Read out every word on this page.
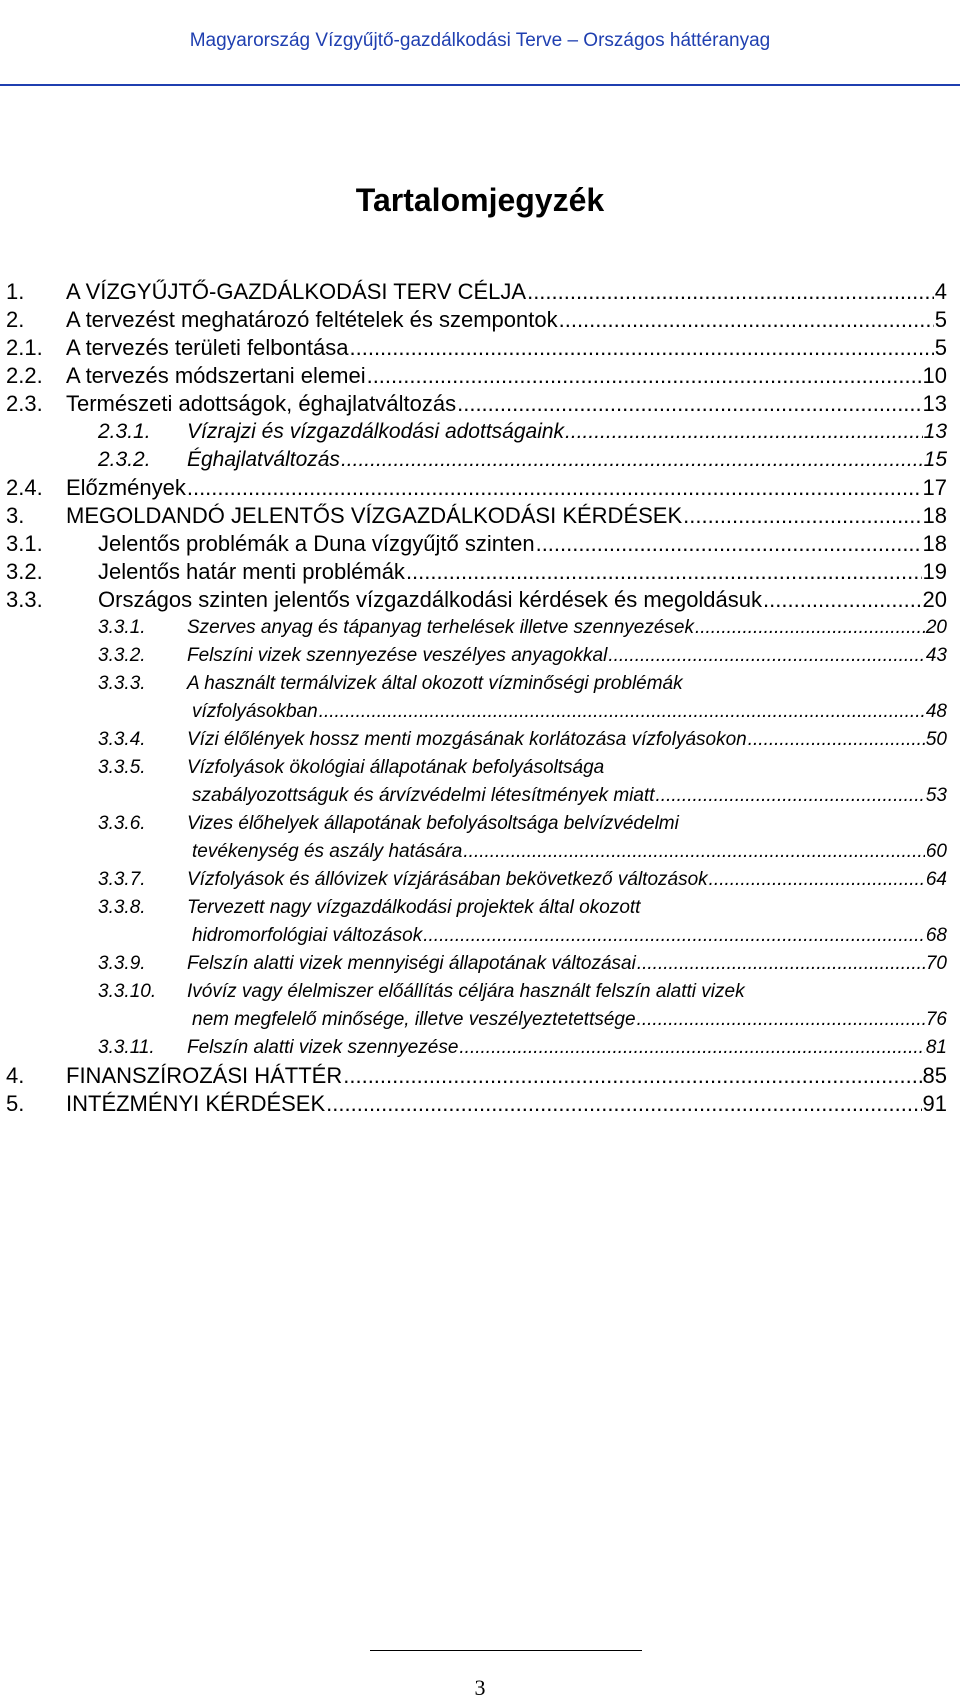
Magyarország Vízgyűjtő-gazdálkodási Terve – Országos háttéranyag
Tartalomjegyzék
1. A VÍZGYŰJTŐ-GAZDÁLKODÁSI TERV CÉLJA .....	4
2. A tervezést meghatározó feltételek és szempontok .....	5
2.1. A tervezés területi felbontása .....	5
2.2. A tervezés módszertani elemei .....	10
2.3. Természeti adottságok, éghajlatváltozás .....	13
2.3.1. Vízrajzi és vízgazdálkodási adottságaink .....	13
2.3.2. Éghajlatváltozás .....	15
2.4. Előzmények .....	17
3. MEGOLDANDÓ JELENTŐS VÍZGAZDÁLKODÁSI KÉRDÉSEK .....	18
3.1.	Jelentős problémák a Duna vízgyűjtő szinten .....	18
3.2.	Jelentős határ menti problémák .....	19
3.3.	Országos szinten jelentős vízgazdálkodási kérdések és megoldásuk .....	20
3.3.1. Szerves anyag és tápanyag terhelések illetve szennyezések .....	20
3.3.2. Felszíni vizek szennyezése veszélyes anyagokkal .....	43
3.3.3. A használt termálvizek által okozott vízminőségi problémák
vízfolyásokban .....	48
3.3.4. Vízi élőlények hossz menti mozgásának korlátozása vízfolyásokon .....	50
3.3.5. Vízfolyások ökológiai állapotának befolyásoltsága
szabályozottságuk és árvízvédelmi létesítmények miatt .....	53
3.3.6. Vizes élőhelyek állapotának befolyásoltsága belvízvédelmi
tevékenység és aszály hatására .....	60
3.3.7. Vízfolyások és állóvizek vízjárásában bekövetkező változások .....	64
3.3.8. Tervezett nagy vízgazdálkodási projektek által okozott
hidromorfológiai változások .....	68
3.3.9. Felszín alatti vizek mennyiségi állapotának változásai .....	70
3.3.10. Ivóvíz vagy élelmiszer előállítás céljára használt felszín alatti vizek
nem megfelelő minősége, illetve veszélyeztetettsége .....	76
3.3.11. Felszín alatti vizek szennyezése .....	81
4. FINANSZÍROZÁSI HÁTTÉR .....	85
5. INTÉZMÉNYI KÉRDÉSEK .....	91
3
